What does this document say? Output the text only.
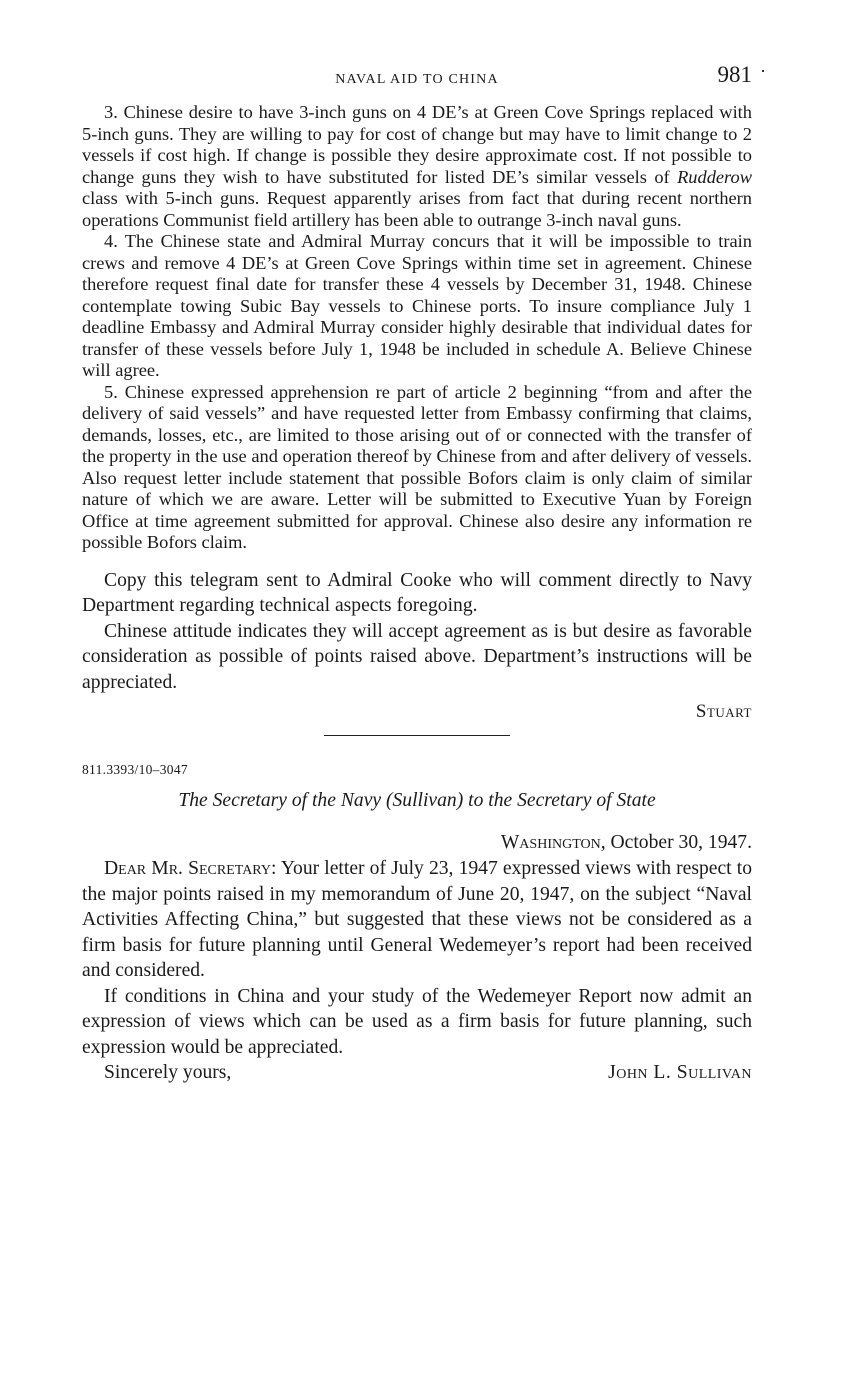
NAVAL AID TO CHINA	981

3. Chinese desire to have 3-inch guns on 4 DE’s at Green Cove Springs replaced with 5-inch guns. They are willing to pay for cost of change but may have to limit change to 2 vessels if cost high. If change is possible they desire approximate cost. If not possible to change guns they wish to have substituted for listed DE’s similar vessels of Rudderow class with 5-inch guns. Request apparently arises from fact that during recent northern operations Communist field artillery has been able to outrange 3-inch naval guns.

4. The Chinese state and Admiral Murray concurs that it will be impossible to train crews and remove 4 DE’s at Green Cove Springs within time set in agreement. Chinese therefore request final date for transfer these 4 vessels by December 31, 1948. Chinese contemplate towing Subic Bay vessels to Chinese ports. To insure compliance July 1 deadline Embassy and Admiral Murray consider highly desirable that individual dates for transfer of these vessels before July 1, 1948 be included in schedule A. Believe Chinese will agree.

5. Chinese expressed apprehension re part of article 2 beginning “from and after the delivery of said vessels” and have requested letter from Embassy confirming that claims, demands, losses, etc., are limited to those arising out of or connected with the transfer of the property in the use and operation thereof by Chinese from and after delivery of vessels. Also request letter include statement that possible Bofors claim is only claim of similar nature of which we are aware. Letter will be submitted to Executive Yuan by Foreign Office at time agreement submitted for approval. Chinese also desire any information re possible Bofors claim.

Copy this telegram sent to Admiral Cooke who will comment directly to Navy Department regarding technical aspects foregoing.

Chinese attitude indicates they will accept agreement as is but desire as favorable consideration as possible of points raised above. Department’s instructions will be appreciated.

Stuart
811.3393/10–3047
The Secretary of the Navy (Sullivan) to the Secretary of State
Washington, October 30, 1947.

Dear Mr. Secretary: Your letter of July 23, 1947 expressed views with respect to the major points raised in my memorandum of June 20, 1947, on the subject “Naval Activities Affecting China,” but suggested that these views not be considered as a firm basis for future planning until General Wedemeyer’s report had been received and considered.

If conditions in China and your study of the Wedemeyer Report now admit an expression of views which can be used as a firm basis for future planning, such expression would be appreciated.

Sincerely yours,	John L. Sullivan
